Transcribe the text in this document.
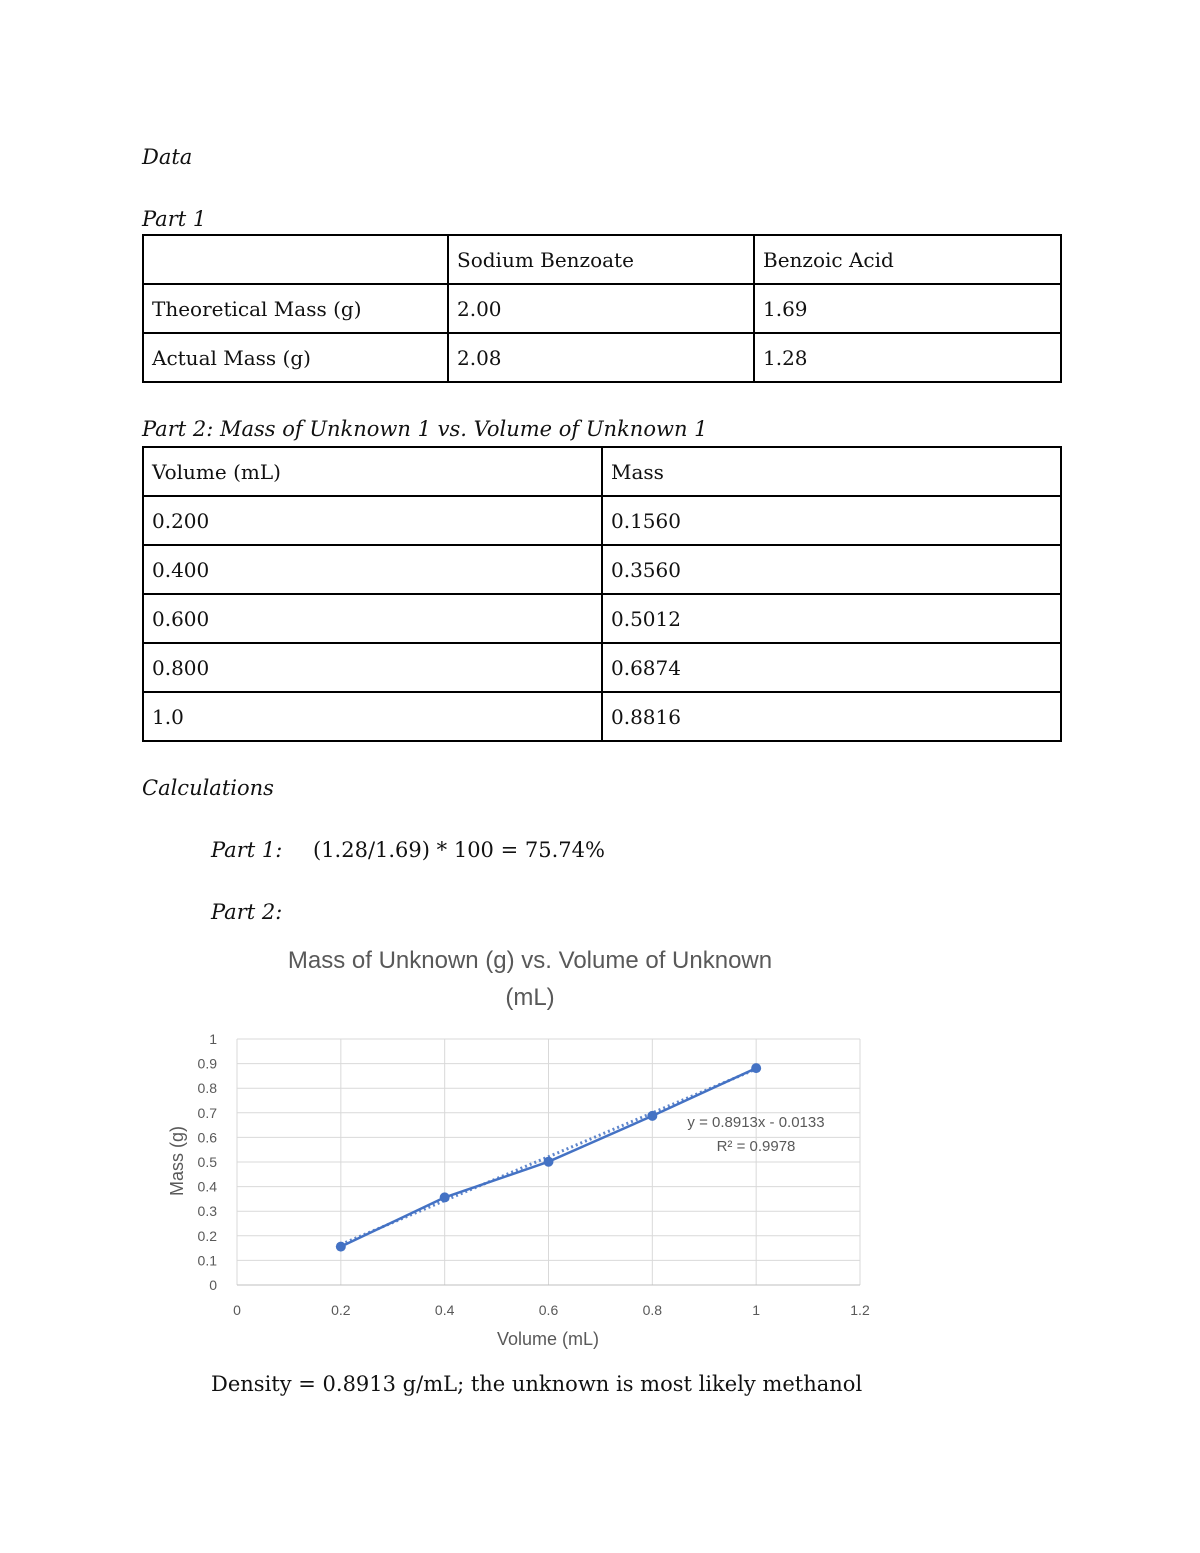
Data
Part 1
	Sodium Benzoate	Benzoic Acid
Theoretical Mass (g)	2.00	1.69
Actual Mass (g)	2.08	1.28
Part 2: Mass of Unknown 1 vs. Volume of Unknown 1
Volume (mL)	Mass
0.200	0.1560
0.400	0.3560
0.600	0.5012
0.800	0.6874
1.0	0.8816
Calculations
Part 1: (1.28/1.69) * 100 = 75.74%
Part 2:
Mass of Unknown (g) vs. Volume of Unknown
(mL)
0
0.1
0.2
0.3
0.4
0.5
0.6
0.7
0.8
0.9
1
0	0.2	0.4	0.6	0.8	1	1.2
y = 0.8913x - 0.0133
R² = 0.9978
Volume (mL)
Mass (g)
Density = 0.8913 g/mL; the unknown is most likely methanol
